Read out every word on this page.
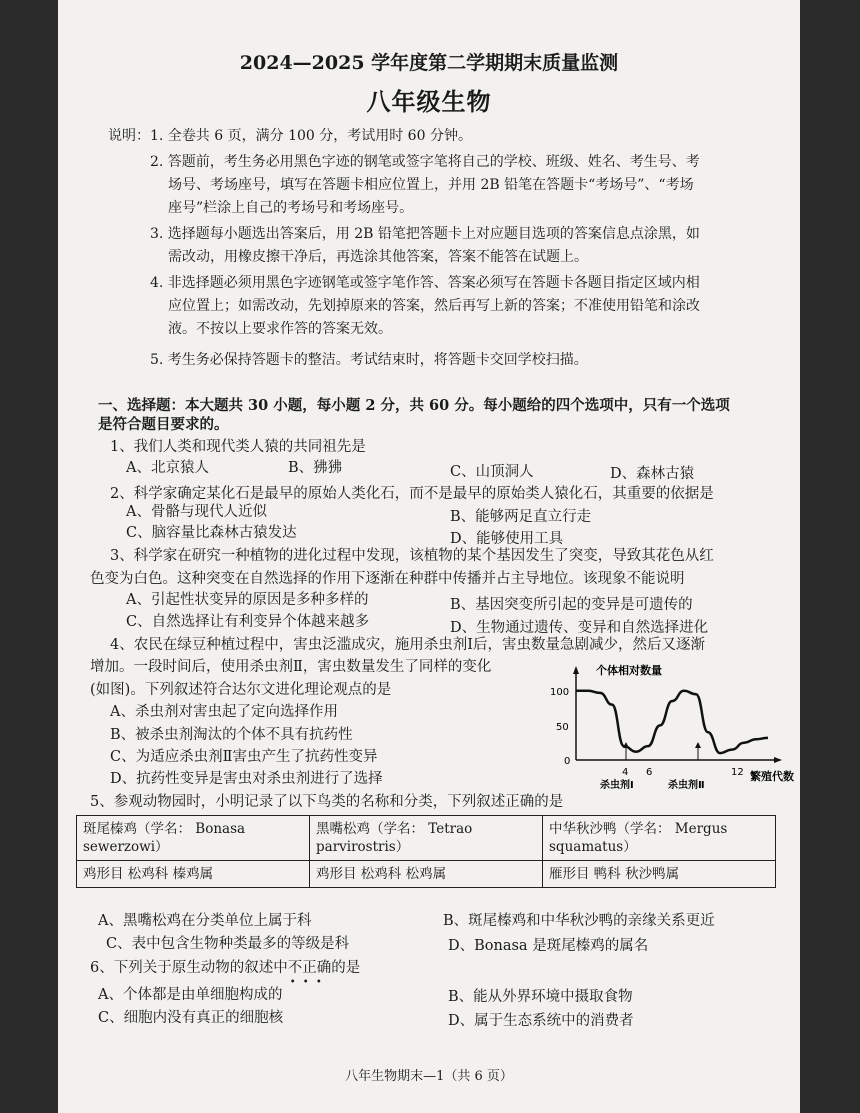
2024—2025 学年度第二学期期末质量监测
八年级生物
说明： 1. 全卷共 6 页，满分 100 分，考试用时 60 分钟。
2. 答题前，考生务必用黑色字迹的钢笔或签字笔将自己的学校、班级、姓名、考生号、考
场号、考场座号，填写在答题卡相应位置上，并用 2B 铅笔在答题卡“考场号”、“考场
座号”栏涂上自己的考场号和考场座号。
3. 选择题每小题选出答案后，用 2B 铅笔把答题卡上对应题目选项的答案信息点涂黑，如
需改动，用橡皮擦干净后，再选涂其他答案，答案不能答在试题上。
4. 非选择题必须用黑色字迹钢笔或签字笔作答、答案必须写在答题卡各题目指定区域内相
应位置上；如需改动，先划掉原来的答案，然后再写上新的答案；不准使用铅笔和涂改
液。不按以上要求作答的答案无效。
5. 考生务必保持答题卡的整洁。考试结束时，将答题卡交回学校扫描。
一、选择题：本大题共 30 小题，每小题 2 分，共 60 分。每小题给的四个选项中，只有一个选项
是符合题目要求的。
1、我们人类和现代类人猿的共同祖先是
A、北京猿人	B、狒狒	C、山顶洞人	D、森林古猿
2、科学家确定某化石是最早的原始人类化石，而不是最早的原始类人猿化石，其重要的依据是
A、骨骼与现代人近似	B、能够两足直立行走
C、脑容量比森林古猿发达	D、能够使用工具
3、科学家在研究一种植物的进化过程中发现，该植物的某个基因发生了突变，导致其花色从红
色变为白色。这种突变在自然选择的作用下逐渐在种群中传播并占主导地位。该现象不能说明
A、引起性状变异的原因是多种多样的	B、基因突变所引起的变异是可遗传的
C、自然选择让有利变异个体越来越多	D、生物通过遗传、变异和自然选择进化
4、农民在绿豆种植过程中，害虫泛滥成灾，施用杀虫剂Ⅰ后，害虫数量急剧减少，然后又逐渐
增加。一段时间后，使用杀虫剂Ⅱ，害虫数量发生了同样的变化
(如图)。下列叙述符合达尔文进化理论观点的是
A、杀虫剂对害虫起了定向选择作用
B、被杀虫剂淘汰的个体不具有抗药性
C、为适应杀虫剂Ⅱ害虫产生了抗药性变异
D、抗药性变异是害虫对杀虫剂进行了选择
个体相对数量
繁殖代数
100
50
0
4 6	12
杀虫剂Ⅰ	杀虫剂Ⅱ
5、参观动物园时，小明记录了以下鸟类的名称和分类，下列叙述正确的是
斑尾榛鸡（学名： Bonasa sewerzowi）	黑嘴松鸡（学名： Tetrao parvirostris）	中华秋沙鸭（学名： Mergus squamatus）
鸡形目 松鸡科 榛鸡属	鸡形目 松鸡科 松鸡属	雁形目 鸭科 秋沙鸭属
A、黑嘴松鸡在分类单位上属于科	B、斑尾榛鸡和中华秋沙鸭的亲缘关系更近
C、表中包含生物种类最多的等级是科	D、Bonasa 是斑尾榛鸡的属名
6、下列关于原生动物的叙述中不正确 • • •的是
A、个体都是由单细胞构成的	B、能从外界环境中摄取食物
C、细胞内没有真正的细胞核	D、属于生态系统中的消费者
八年生物期末—1（共 6 页）
